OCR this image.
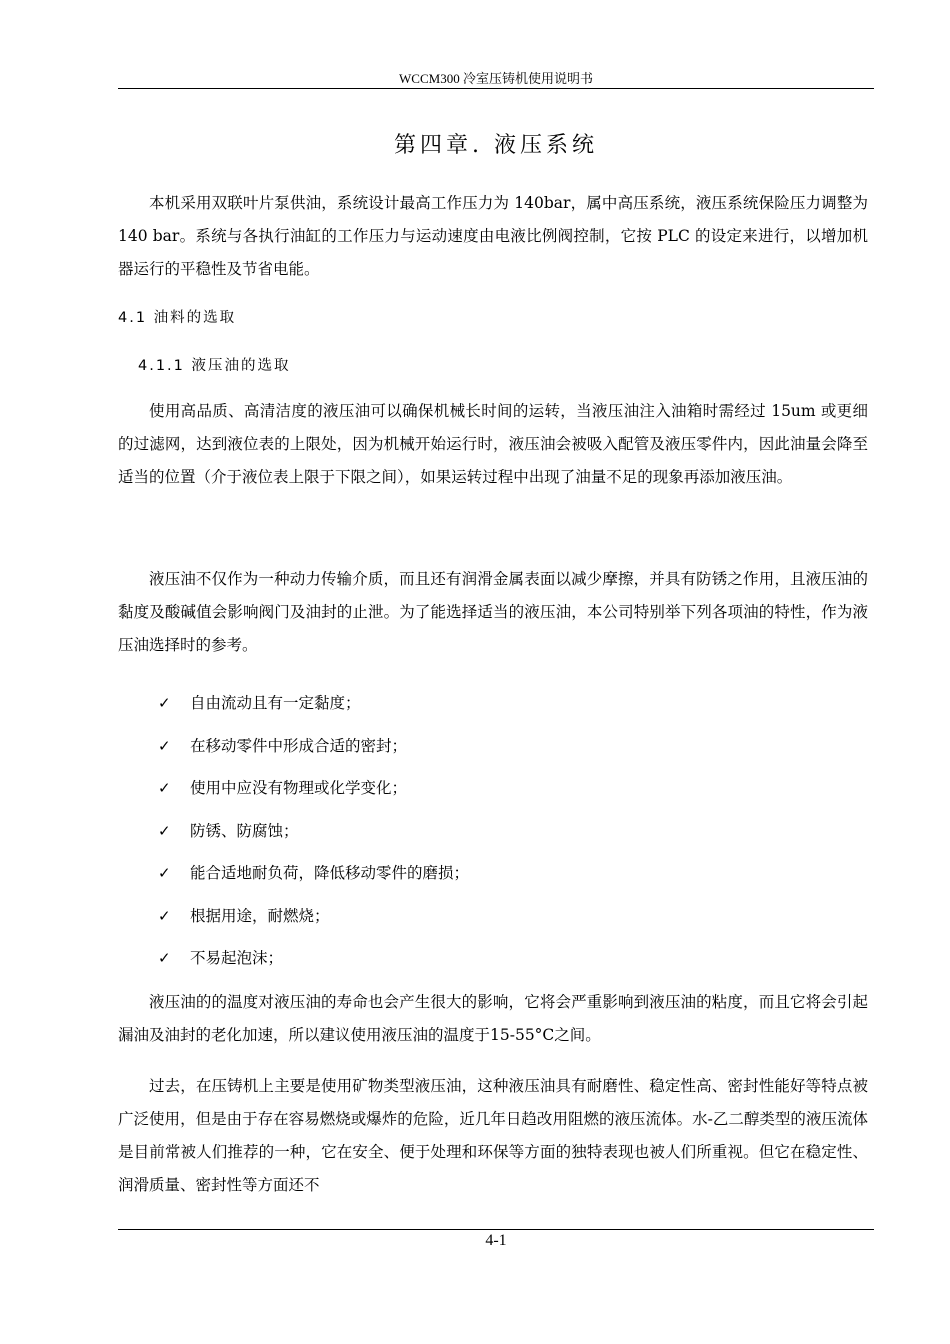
WCCM300 冷室压铸机使用说明书
第四章. 液压系统

本机采用双联叶片泵供油，系统设计最高工作压力为 140bar，属中高压系统，液压系统保险压力调整为 140 bar。系统与各执行油缸的工作压力与运动速度由电液比例阀控制，它按 PLC 的设定来进行，以增加机器运行的平稳性及节省电能。

4.1 油料的选取
4.1.1 液压油的选取

使用高品质、高清洁度的液压油可以确保机械长时间的运转，当液压油注入油箱时需经过 15um 或更细的过滤网，达到液位表的上限处，因为机械开始运行时，液压油会被吸入配管及液压零件内，因此油量会降至适当的位置（介于液位表上限于下限之间），如果运转过程中出现了油量不足的现象再添加液压油。

液压油不仅作为一种动力传输介质，而且还有润滑金属表面以减少摩擦，并具有防锈之作用，且液压油的黏度及酸碱值会影响阀门及油封的止泄。为了能选择适当的液压油，本公司特别举下列各项油的特性，作为液压油选择时的参考。

✓	自由流动且有一定黏度；
✓	在移动零件中形成合适的密封；
✓	使用中应没有物理或化学变化；
✓	防锈、防腐蚀；
✓	能合适地耐负荷，降低移动零件的磨损；
✓	根据用途，耐燃烧；
✓	不易起泡沫；

液压油的的温度对液压油的寿命也会产生很大的影响，它将会严重影响到液压油的粘度，而且它将会引起漏油及油封的老化加速，所以建议使用液压油的温度于15-55°C之间。

过去，在压铸机上主要是使用矿物类型液压油，这种液压油具有耐磨性、稳定性高、密封性能好等特点被广泛使用，但是由于存在容易燃烧或爆炸的危险，近几年日趋改用阻燃的液压流体。水-乙二醇类型的液压流体是目前常被人们推荐的一种，它在安全、便于处理和环保等方面的独特表现也被人们所重视。但它在稳定性、润滑质量、密封性等方面还不

4-1
